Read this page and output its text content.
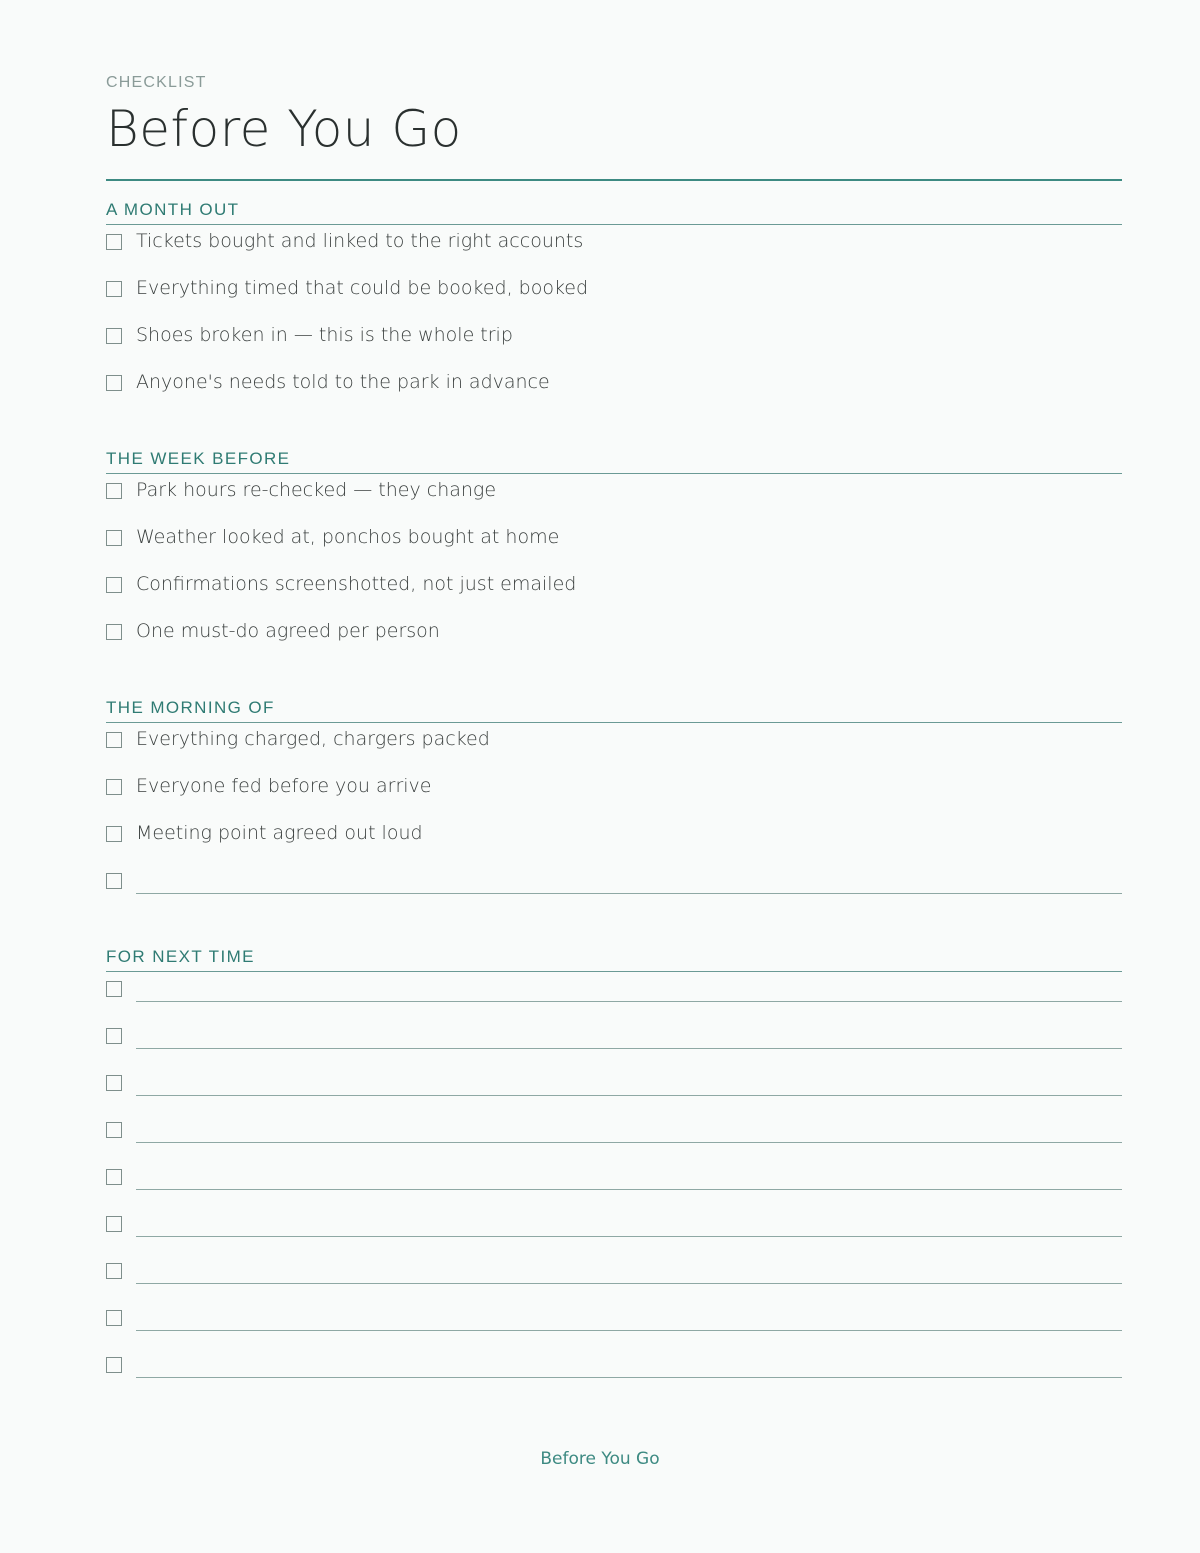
CHECKLIST
Before You Go
A MONTH OUT
Tickets bought and linked to the right accounts
Everything timed that could be booked, booked
Shoes broken in — this is the whole trip
Anyone's needs told to the park in advance
THE WEEK BEFORE
Park hours re-checked — they change
Weather looked at, ponchos bought at home
Confirmations screenshotted, not just emailed
One must-do agreed per person
THE MORNING OF
Everything charged, chargers packed
Everyone fed before you arrive
Meeting point agreed out loud
FOR NEXT TIME
Before You Go
